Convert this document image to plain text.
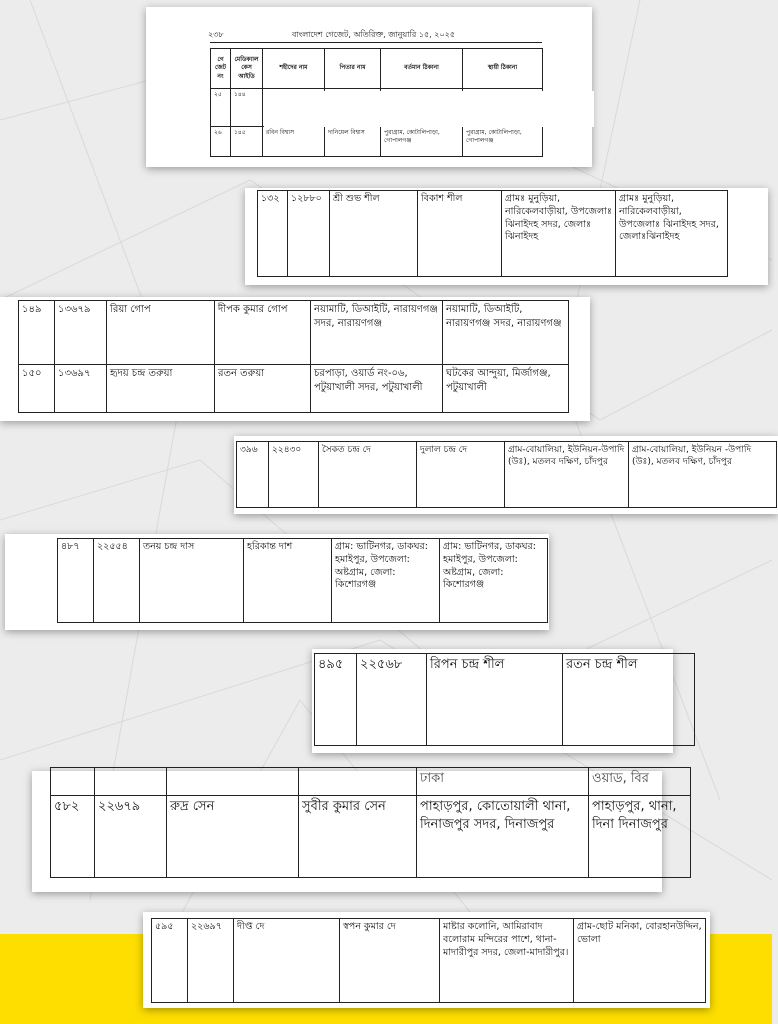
২৩৮	বাংলাদেশ গেজেট, অতিরিক্ত, জানুয়ারি ১৫, ২০২৫
গেজেট নং	মেডিক্যাল কেস আইডি	শহীদের নাম	পিতার নাম	বর্তমান ঠিকানা	স্থায়ী ঠিকানা
২৫	১৪৪				
২৬	১৪৫	রবিন বিশ্বাস	দানিয়েল বিশ্বাস	পুরাগ্রাম, কোটালিপাড়া, গোপালগঞ্জ	পুরাগ্রাম, কোটালিপাড়া, গোপালগঞ্জ
১৩২	১২৮৮০	শ্রী শুভ শীল	বিকাশ শীল	গ্রামঃ মুনুড়িয়া, নারিকেলবাড়ীয়া, উপজেলাঃ ঝিনাইদহ সদর, জেলাঃ ঝিনাইদহ	গ্রামঃ মুনুড়িয়া, নারিকেলবাড়ীয়া, উপজেলাঃ ঝিনাইদহ সদর, জেলাঃঝিনাইদহ
১৪৯	১৩৬৭৯	রিয়া গোপ	দীপক কুমার গোপ	নয়ামাটি, ডিআইটি, নারায়ণগঞ্জ সদর, নারায়ণগঞ্জ	নয়ামাটি, ডিআইটি, নারায়ণগঞ্জ সদর, নারায়ণগঞ্জ
১৫০	১৩৬৯৭	হৃদয় চন্দ্র তরুয়া	রতন তরুয়া	চরপাড়া, ওয়ার্ড নং-০৬, পটুয়াখালী সদর, পটুয়াখালী	ঘটকের আন্দুয়া, মির্জাগঞ্জ, পটুয়াখালী
৩৯৬	২২৪৩০	সৈকত চন্দ্র দে	দুলাল চন্দ্র দে	গ্রাম-বোয়ালিয়া, ইউনিয়ন-উপাদি (উঃ), মতলব দক্ষিণ, চাঁদপুর	গ্রাম-বোয়ালিয়া, ইউনিয়ন -উপাদি (উঃ), মতলব দক্ষিণ, চাঁদপুর
৪৮৭	২২৫৫৪	তনয় চন্দ্র দাস	হরিকান্ত দাশ	গ্রাম: ভাটিনগর, ডাকঘর: হমাইপুর, উপজেলা: অষ্টগ্রাম, জেলা: কিশোরগঞ্জ	গ্রাম: ভাটিনগর, ডাকঘর: হমাইপুর, উপজেলা: অষ্টগ্রাম, জেলা: কিশোরগঞ্জ
৪৯৫	২২৫৬৮	রিপন চন্দ্র শীল	রতন চন্দ্র শীল
				ঢাকা	ওয়াড, বির
৫৮২	২২৬৭৯	রুদ্র সেন	সুবীর কুমার সেন	পাহাড়পুর, কোতোয়ালী থানা, দিনাজপুর সদর, দিনাজপুর	পাহাড়পুর, থানা, দিনা দিনাজপুর
৫৯৫	২২৬৯৭	দীপ্ত দে	স্বপন কুমার দে	মাষ্টার কলোনি, আমিরাবাদ বলোরাম মন্দিরের পাশে, থানা-মাদারীপুর সদর, জেলা-মাদারীপুর।	গ্রাম-ছোট মনিকা, বোরহানউদ্দিন, ভোলা
